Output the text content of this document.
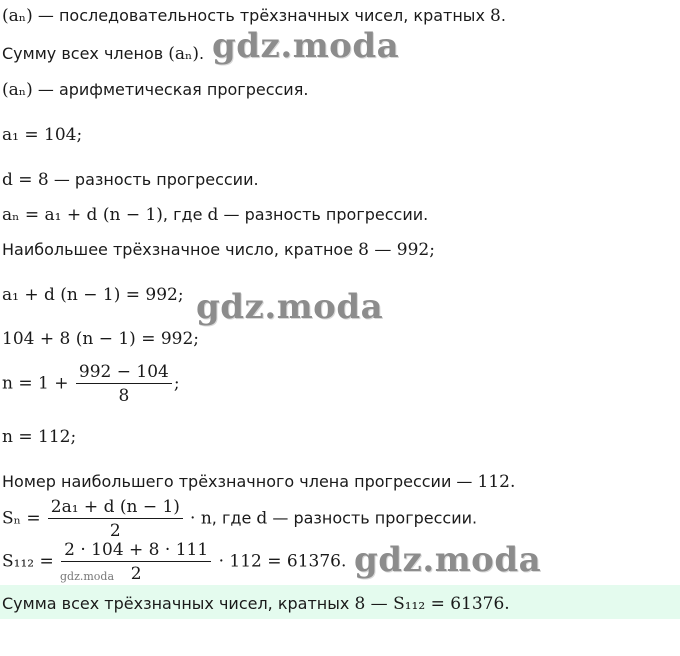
(aₙ) — последовательность трёхзначных чисел, кратных 8.
Сумму всех членов (aₙ).
(aₙ) — арифметическая прогрессия.
a₁ = 104;
d = 8 — разность прогрессии.
aₙ = a₁ + d (n − 1), где d — разность прогрессии.
Наибольшее трёхзначное число, кратное 8 — 992;
a₁ + d (n − 1) = 992;
104 + 8 (n − 1) = 992;
$n = 1 + \frac{992 - 104}{8}$ ;
n = 112;
Номер наибольшего трёхзначного члена прогрессии — 112.
$S_n = \frac{\text{2a₁ + d (n − 1)}}{2} \cdot n$, где d — разность прогрессии.
$S_{112} = \frac{2 \cdot 104 + 8 \cdot 111}{2} \cdot 112 = 61376$.
Сумма всех трёхзначных чисел, кратных 8 — S₁₁₂ = 61376.
gdz.moda
gdz.moda
gdz.moda
gdz.moda
